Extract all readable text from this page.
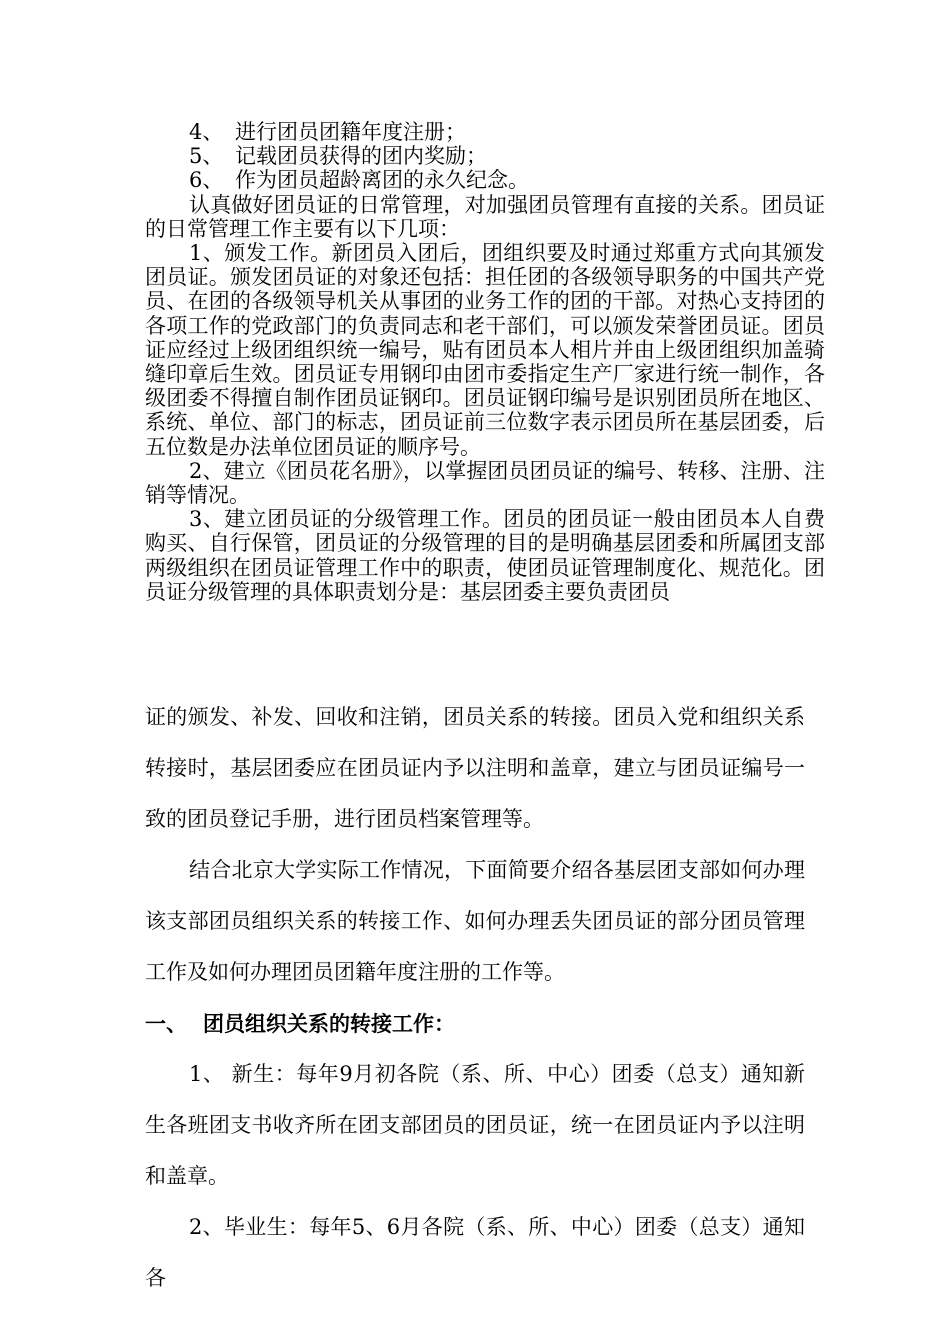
4、 进行团员团籍年度注册；

5、 记载团员获得的团内奖励；

6、 作为团员超龄离团的永久纪念。

认真做好团员证的日常管理，对加强团员管理有直接的关系。团员证的日常管理工作主要有以下几项：

1、颁发工作。新团员入团后，团组织要及时通过郑重方式向其颁发团员证。颁发团员证的对象还包括：担任团的各级领导职务的中国共产党员、在团的各级领导机关从事团的业务工作的团的干部。对热心支持团的各项工作的党政部门的负责同志和老干部们，可以颁发荣誉团员证。团员证应经过上级团组织统一编号，贴有团员本人相片并由上级团组织加盖骑缝印章后生效。团员证专用钢印由团市委指定生产厂家进行统一制作，各级团委不得擅自制作团员证钢印。团员证钢印编号是识别团员所在地区、系统、单位、部门的标志，团员证前三位数字表示团员所在基层团委，后五位数是办法单位团员证的顺序号。

2、建立《团员花名册》，以掌握团员团员证的编号、转移、注册、注销等情况。

3、建立团员证的分级管理工作。团员的团员证一般由团员本人自费购买、自行保管，团员证的分级管理的目的是明确基层团委和所属团支部两级组织在团员证管理工作中的职责，使团员证管理制度化、规范化。团员证分级管理的具体职责划分是：基层团委主要负责团员

证的颁发、补发、回收和注销，团员关系的转接。团员入党和组织关系转接时，基层团委应在团员证内予以注明和盖章，建立与团员证编号一致的团员登记手册，进行团员档案管理等。

结合北京大学实际工作情况，下面简要介绍各基层团支部如何办理该支部团员组织关系的转接工作、如何办理丢失团员证的部分团员管理工作及如何办理团员团籍年度注册的工作等。

一、 团员组织关系的转接工作：

1、 新生：每年9月初各院（系、所、中心）团委（总支）通知新生各班团支书收齐所在团支部团员的团员证，统一在团员证内予以注明和盖章。

2、毕业生：每年5、6月各院（系、所、中心）团委（总支）通知各
